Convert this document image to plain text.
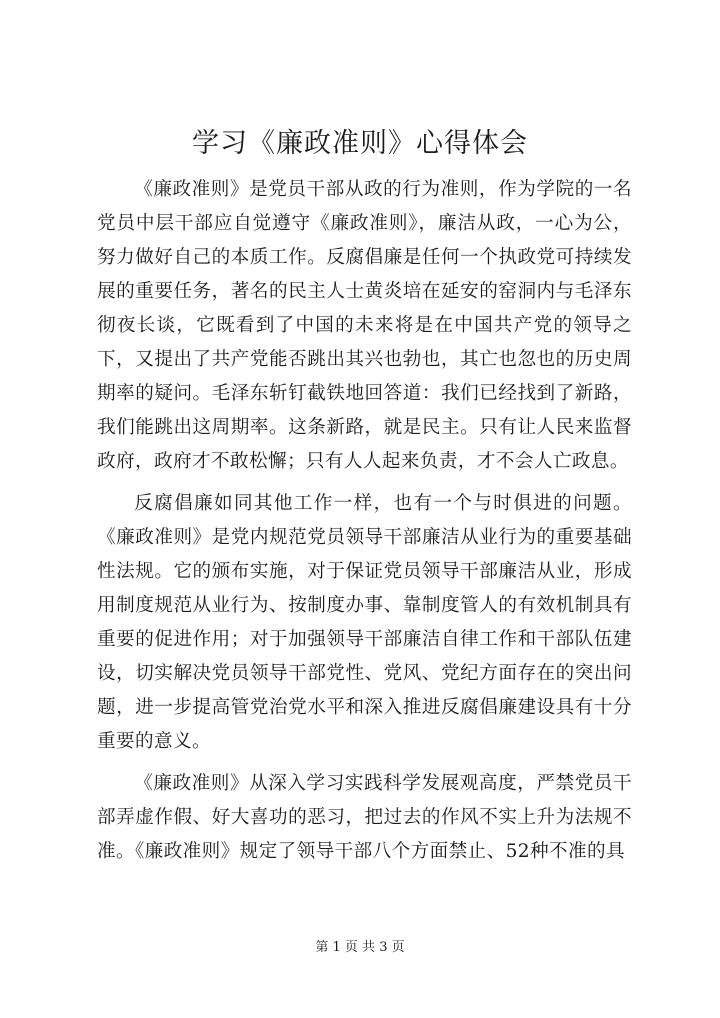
学习《廉政准则》心得体会

《廉政准则》是党员干部从政的行为准则，作为学院的一名党员中层干部应自觉遵守《廉政准则》，廉洁从政，一心为公，努力做好自己的本质工作。反腐倡廉是任何一个执政党可持续发展的重要任务，著名的民主人士黄炎培在延安的窑洞内与毛泽东彻夜长谈，它既看到了中国的未来将是在中国共产党的领导之下，又提出了共产党能否跳出其兴也勃也，其亡也忽也的历史周期率的疑问。毛泽东斩钉截铁地回答道：我们已经找到了新路，我们能跳出这周期率。这条新路，就是民主。只有让人民来监督政府，政府才不敢松懈；只有人人起来负责，才不会人亡政息。

反腐倡廉如同其他工作一样，也有一个与时俱进的问题。《廉政准则》是党内规范党员领导干部廉洁从业行为的重要基础性法规。它的颁布实施，对于保证党员领导干部廉洁从业，形成用制度规范从业行为、按制度办事、靠制度管人的有效机制具有重要的促进作用；对于加强领导干部廉洁自律工作和干部队伍建设，切实解决党员领导干部党性、党风、党纪方面存在的突出问题，进一步提高管党治党水平和深入推进反腐倡廉建设具有十分重要的意义。

《廉政准则》从深入学习实践科学发展观高度，严禁党员干部弄虚作假、好大喜功的恶习，把过去的作风不实上升为法规不准。《廉政准则》规定了领导干部八个方面禁止、52种不准的具

第 1 页 共 3 页
